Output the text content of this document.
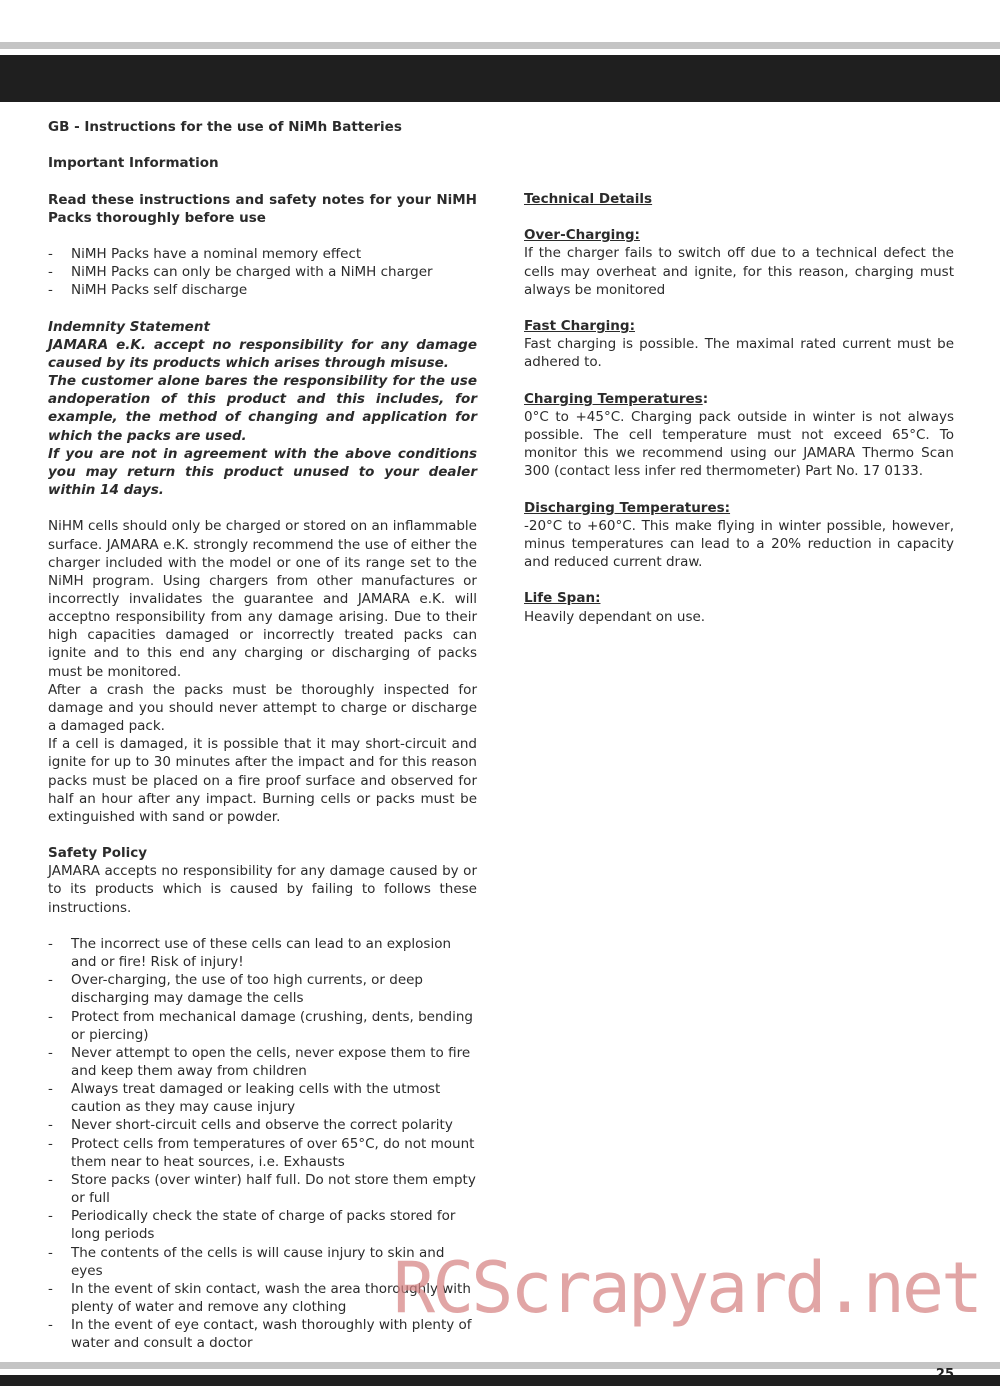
GB - Instructions for the use of NiMh Batteries

Important Information

Read these instructions and safety notes for your NiMH Packs thoroughly before use

- NiMH Packs have a nominal memory effect
- NiMH Packs can only be charged with a NiMH charger
- NiMH Packs self discharge

Indemnity Statement

JAMARA e.K. accept no responsibility for any damage caused by its products which arises through misuse.

The customer alone bares the responsibility for the use andoperation of this product and this includes, for example, the method of changing and application for which the packs are used.

If you are not in agreement with the above conditions you may return this product unused to your dealer within 14 days.

NiHM cells should only be charged or stored on an inflammable surface. JAMARA e.K. strongly recommend the use of either the charger included with the model or one of its range set to the NiMH program. Using chargers from other manufactures or incorrectly invalidates the guarantee and JAMARA e.K. will acceptno responsibility from any damage arising. Due to their high capacities damaged or incorrectly treated packs can ignite and to this end any charging or discharging of packs must be monitored.

After a crash the packs must be thoroughly inspected for damage and you should never attempt to charge or discharge a damaged pack.

If a cell is damaged, it is possible that it may short-circuit and ignite for up to 30 minutes after the impact and for this reason packs must be placed on a fire proof surface and observed for half an hour after any impact. Burning cells or packs must be extinguished with sand or powder.

Safety Policy

JAMARA accepts no responsibility for any damage caused by or to its products which is caused by failing to follows these instructions.

- The incorrect use of these cells can lead to an explosion and or fire! Risk of injury!
- Over-charging, the use of too high currents, or deep discharging may damage the cells
- Protect from mechanical damage (crushing, dents, bending or piercing)
- Never attempt to open the cells, never expose them to fire and keep them away from children
- Always treat damaged or leaking cells with the utmost caution as they may cause injury
- Never short-circuit cells and observe the correct polarity
- Protect cells from temperatures of over 65°C, do not mount them near to heat sources, i.e. Exhausts
- Store packs (over winter) half full. Do not store them empty or full
- Periodically check the state of charge of packs stored for long periods
- The contents of the cells is will cause injury to skin and eyes
- In the event of skin contact, wash the area thoroughly with plenty of water and remove any clothing
- In the event of eye contact, wash thoroughly with plenty of water and consult a doctor

Technical Details

Over-Charging:

If the charger fails to switch off due to a technical defect the cells may overheat and ignite, for this reason, charging must always be monitored

Fast Charging:

Fast charging is possible. The maximal rated current must be adhered to.

Charging Temperatures:

0°C to +45°C. Charging pack outside in winter is not always possible. The cell temperature must not exceed 65°C. To monitor this we recommend using our JAMARA Thermo Scan 300 (contact less infer red thermometer) Part No. 17 0133.

Discharging Temperatures:

-20°C to +60°C. This make flying in winter possible, however, minus temperatures can lead to a 20% reduction in capacity and reduced current draw.

Life Span:

Heavily dependant on use.

RCScrapyard.net
25
